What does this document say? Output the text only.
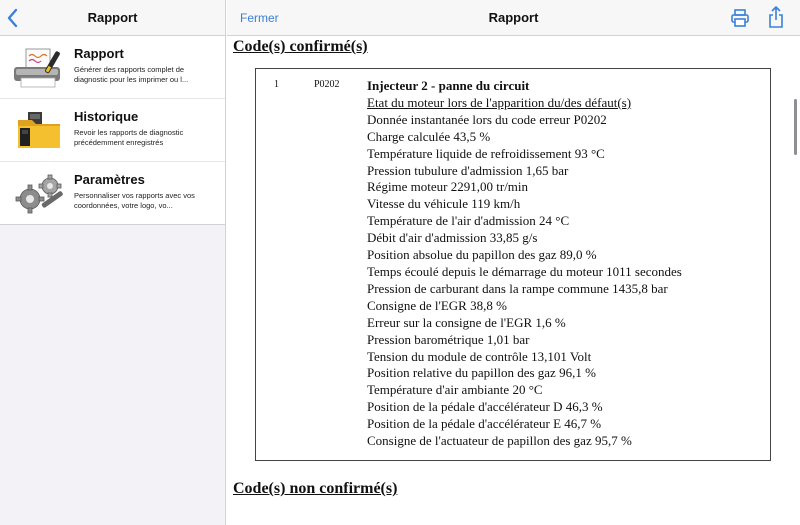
Rapport
Rapport
Générer des rapports complet de diagnostic pour les imprimer ou l...
Historique
Revoir les rapports de diagnostic précédemment enregistrés
Paramètres
Personnaliser vos rapports avec vos coordonnées, votre logo, vo...
Fermer	Rapport
Code(s) confirmé(s)
1	P0202 Injecteur 2 - panne du circuit
Etat du moteur lors de l'apparition du/des défaut(s)
Donnée instantanée lors du code erreur P0202
Charge calculée 43,5 %
Température liquide de refroidissement 93 °C
Pression tubulure d'admission 1,65 bar
Régime moteur 2291,00 tr/min
Vitesse du véhicule 119 km/h
Température de l'air d'admission 24 °C
Débit d'air d'admission 33,85 g/s
Position absolue du papillon des gaz 89,0 %
Temps écoulé depuis le démarrage du moteur 1011 secondes
Pression de carburant dans la rampe commune 1435,8 bar
Consigne de l'EGR 38,8 %
Erreur sur la consigne de l'EGR 1,6 %
Pression barométrique 1,01 bar
Tension du module de contrôle 13,101 Volt
Position relative du papillon des gaz 96,1 %
Température d'air ambiante 20 °C
Position de la pédale d'accélérateur D 46,3 %
Position de la pédale d'accélérateur E 46,7 %
Consigne de l'actuateur de papillon des gaz 95,7 %
Code(s) non confirmé(s)
